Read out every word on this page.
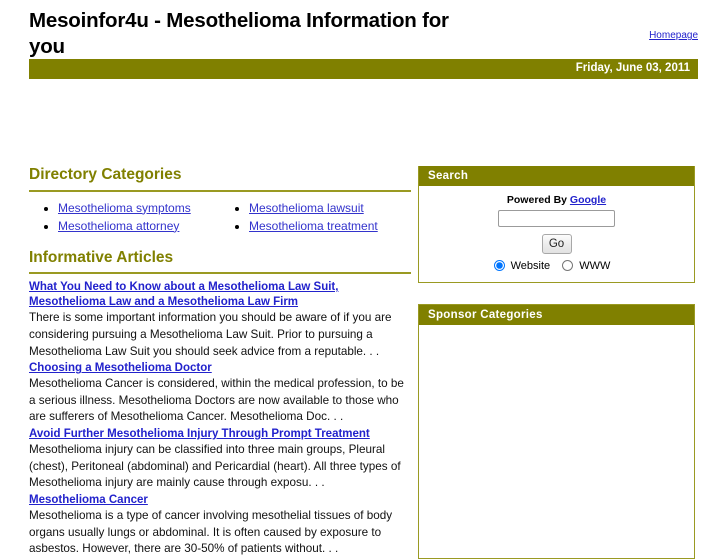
Mesoinfor4u - Mesothelioma Information for you	Homepage
Friday, June 03, 2011
Directory Categories
• Mesothelioma symptoms
• Mesothelioma attorney
• Mesothelioma lawsuit
• Mesothelioma treatment
Informative Articles
What You Need to Know about a Mesothelioma Law Suit, Mesothelioma Law and a Mesothelioma Law Firm

There is some important information you should be aware of if you are considering pursuing a Mesothelioma Law Suit. Prior to pursuing a Mesothelioma Law Suit you should seek advice from a reputable. . .

Choosing a Mesothelioma Doctor

Mesothelioma Cancer is considered, within the medical profession, to be a serious illness. Mesothelioma Doctors are now available to those who are sufferers of Mesothelioma Cancer. Mesothelioma Doc. . .

Avoid Further Mesothelioma Injury Through Prompt Treatment

Mesothelioma injury can be classified into three main groups, Pleural (chest), Peritoneal (abdominal) and Pericardial (heart). All three types of Mesothelioma injury are mainly cause through exposu. . .

Mesothelioma Cancer

Mesothelioma is a type of cancer involving mesothelial tissues of body organs usually lungs or abdominal. It is often caused by exposure to asbestos. However, there are 30-50% of patients without. . .

Search
Powered By Google
Go
Website	WWW
Sponsor Categories
